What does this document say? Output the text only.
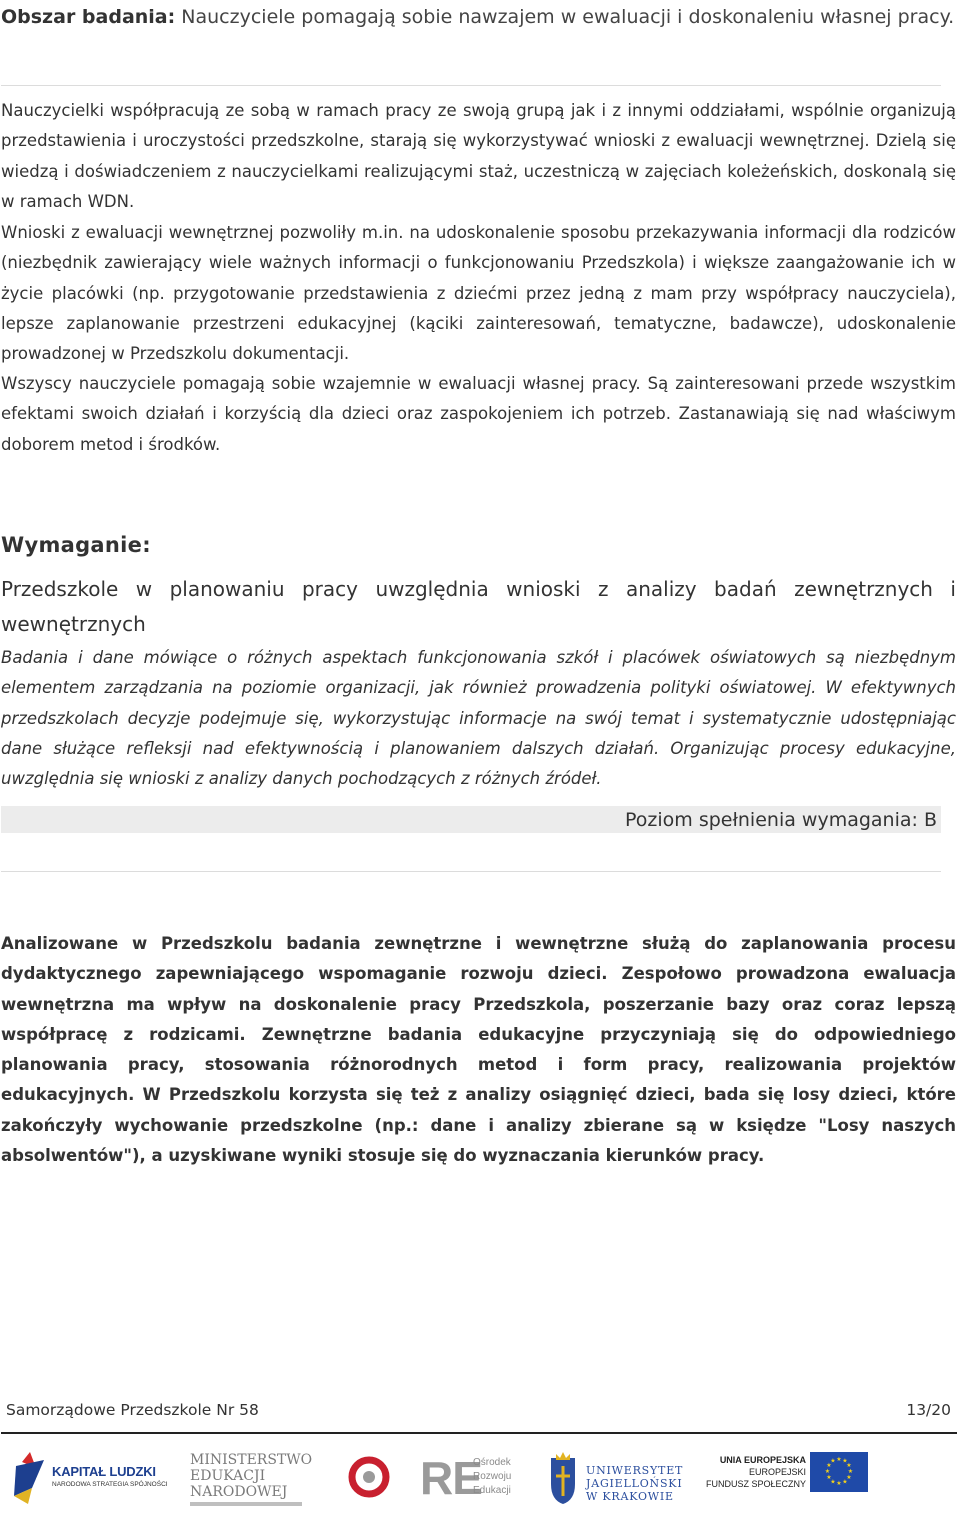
Obszar badania: Nauczyciele pomagają sobie nawzajem w ewaluacji i doskonaleniu własnej pracy.

Nauczycielki współpracują ze sobą w ramach pracy ze swoją grupą jak i z innymi oddziałami, wspólnie organizują przedstawienia i uroczystości przedszkolne, starają się wykorzystywać wnioski z ewaluacji wewnętrznej. Dzielą się wiedzą i doświadczeniem z nauczycielkami realizującymi staż, uczestniczą w zajęciach koleżeńskich, doskonalą się w ramach WDN.

Wnioski z ewaluacji wewnętrznej pozwoliły m.in. na udoskonalenie sposobu przekazywania informacji dla rodziców (niezbędnik zawierający wiele ważnych informacji o funkcjonowaniu Przedszkola) i większe zaangażowanie ich w życie placówki (np. przygotowanie przedstawienia z dziećmi przez jedną z mam przy współpracy nauczyciela), lepsze zaplanowanie przestrzeni edukacyjnej (kąciki zainteresowań, tematyczne, badawcze), udoskonalenie prowadzonej w Przedszkolu dokumentacji.

Wszyscy nauczyciele pomagają sobie wzajemnie w ewaluacji własnej pracy. Są zainteresowani przede wszystkim efektami swoich działań i korzyścią dla dzieci oraz zaspokojeniem ich potrzeb. Zastanawiają się nad właściwym doborem metod i środków.

Wymaganie:
Przedszkole w planowaniu pracy uwzględnia wnioski z analizy badań zewnętrznych i wewnętrznych

Badania i dane mówiące o różnych aspektach funkcjonowania szkół i placówek oświatowych są niezbędnym elementem zarządzania na poziomie organizacji, jak również prowadzenia polityki oświatowej. W efektywnych przedszkolach decyzje podejmuje się, wykorzystując informacje na swój temat i systematycznie udostępniając dane służące refleksji nad efektywnością i planowaniem dalszych działań. Organizując procesy edukacyjne, uwzględnia się wnioski z analizy danych pochodzących z różnych źródeł.

Poziom spełnienia wymagania: B

Analizowane w Przedszkolu badania zewnętrzne i wewnętrzne służą do zaplanowania procesu dydaktycznego zapewniającego wspomaganie rozwoju dzieci. Zespołowo prowadzona ewaluacja wewnętrzna ma wpływ na doskonalenie pracy Przedszkola, poszerzanie bazy oraz coraz lepszą współpracę z rodzicami. Zewnętrzne badania edukacyjne przyczyniają się do odpowiedniego planowania pracy, stosowania różnorodnych metod i form pracy, realizowania projektów edukacyjnych. W Przedszkolu korzysta się też z analizy osiągnięć dzieci, bada się losy dzieci, które zakończyły wychowanie przedszkolne (np.: dane i analizy zbierane są w księdze "Losy naszych absolwentów"), a uzyskiwane wyniki stosuje się do wyznaczania kierunków pracy.

Samorządowe Przedszkole Nr 58	13/20
KAPITAŁ LUDZKI
NARODOWA STRATEGIA SPÓJNOŚCI
MINISTERSTWO
EDUKACJI
NARODOWEJ	RE
Ośrodek
Rozwoju
Edukacji
UNIWERSYTET
JAGIELLOŃSKI
W KRAKOWIE
UNIA EUROPEJSKA
EUROPEJSKI
FUNDUSZ SPOŁECZNY
★ ★
★
★
★
★
★
★
★
★
★
★
